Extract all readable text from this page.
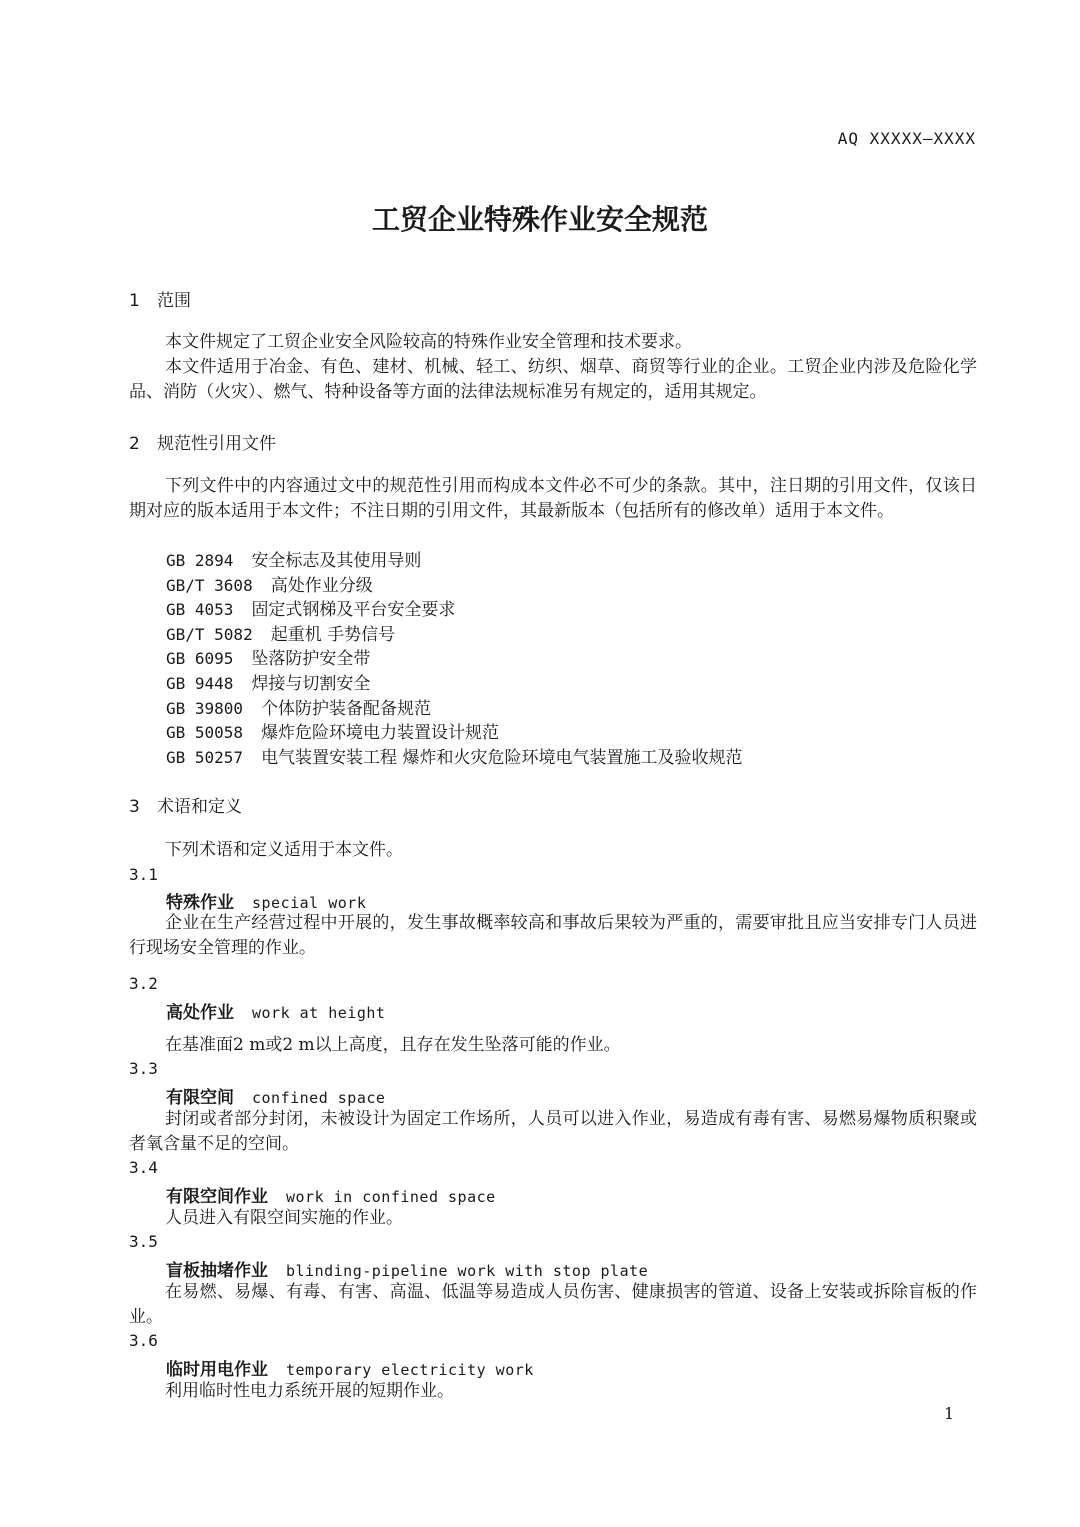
AQ XXXXX—XXXX
工贸企业特殊作业安全规范
1 范围
本文件规定了工贸企业安全风险较高的特殊作业安全管理和技术要求。
本文件适用于冶金、有色、建材、机械、轻工、纺织、烟草、商贸等行业的企业。工贸企业内涉及危险化学品、消防（火灾）、燃气、特种设备等方面的法律法规标准另有规定的，适用其规定。
2 规范性引用文件
下列文件中的内容通过文中的规范性引用而构成本文件必不可少的条款。其中，注日期的引用文件，仅该日期对应的版本适用于本文件；不注日期的引用文件，其最新版本（包括所有的修改单）适用于本文件。
GB 2894 安全标志及其使用导则
GB/T 3608 高处作业分级
GB 4053 固定式钢梯及平台安全要求
GB/T 5082 起重机 手势信号
GB 6095 坠落防护安全带
GB 9448 焊接与切割安全
GB 39800 个体防护装备配备规范
GB 50058 爆炸危险环境电力装置设计规范
GB 50257 电气装置安装工程 爆炸和火灾危险环境电气装置施工及验收规范
3 术语和定义
下列术语和定义适用于本文件。
3.1
特殊作业 special work
企业在生产经营过程中开展的，发生事故概率较高和事故后果较为严重的，需要审批且应当安排专门人员进行现场安全管理的作业。
3.2
高处作业 work at height
在基准面2 m或2 m以上高度，且存在发生坠落可能的作业。
3.3
有限空间 confined space
封闭或者部分封闭，未被设计为固定工作场所，人员可以进入作业，易造成有毒有害、易燃易爆物质积聚或者氧含量不足的空间。
3.4
有限空间作业 work in confined space
人员进入有限空间实施的作业。
3.5
盲板抽堵作业 blinding-pipeline work with stop plate
在易燃、易爆、有毒、有害、高温、低温等易造成人员伤害、健康损害的管道、设备上安装或拆除盲板的作业。
3.6
临时用电作业 temporary electricity work
利用临时性电力系统开展的短期作业。
1
